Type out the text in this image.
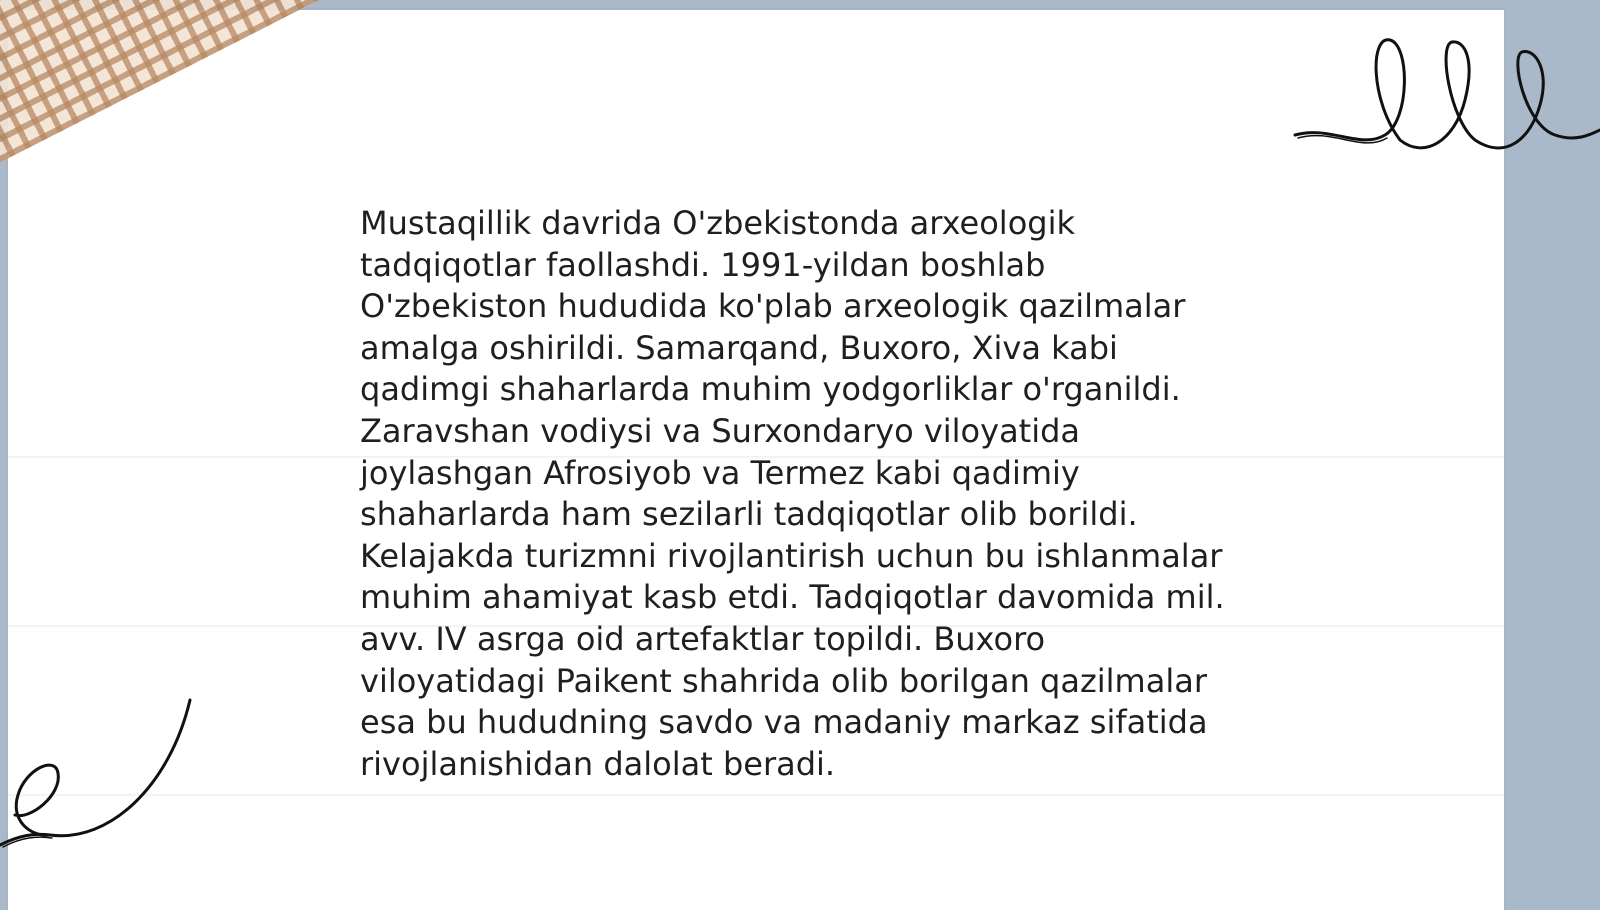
Mustaqillik davrida O'zbekistonda arxeologik
tadqiqotlar faollashdi. 1991-yildan boshlab
O'zbekiston hududida ko'plab arxeologik qazilmalar
amalga oshirildi. Samarqand, Buxoro, Xiva kabi
qadimgi shaharlarda muhim yodgorliklar o'rganildi.
Zaravshan vodiysi va Surxondaryo viloyatida
joylashgan Afrosiyob va Termez kabi qadimiy
shaharlarda ham sezilarli tadqiqotlar olib borildi.
Kelajakda turizmni rivojlantirish uchun bu ishlanmalar
muhim ahamiyat kasb etdi. Tadqiqotlar davomida mil.
avv. IV asrga oid artefaktlar topildi. Buxoro
viloyatidagi Paikent shahrida olib borilgan qazilmalar
esa bu hududning savdo va madaniy markaz sifatida
rivojlanishidan dalolat beradi.
